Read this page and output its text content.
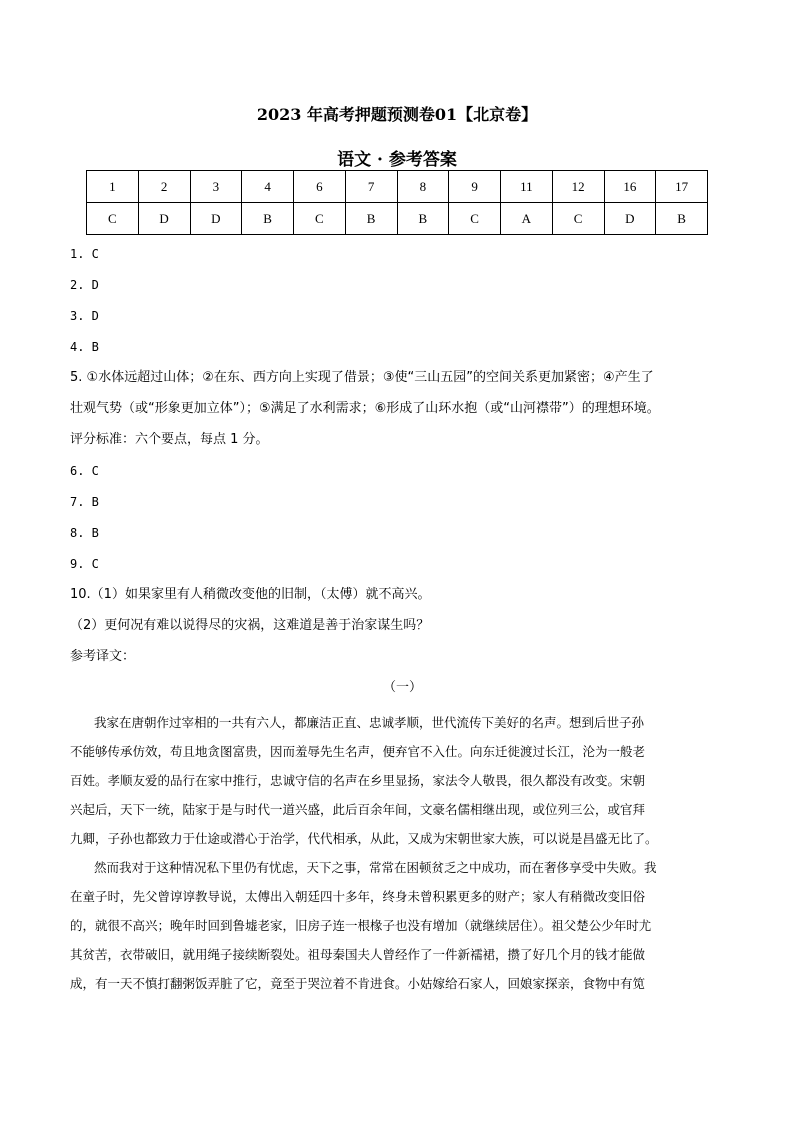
2023 年高考押题预测卷01【北京卷】
语文 · 参考答案
1	2	3	4	6	7	8	9	11	12	16	17
C	D	D	B	C	B	B	C	A	C	D	B
1. C
2. D
3. D
4. B
5. ①水体远超过山体；②在东、西方向上实现了借景；③使“三山五园”的空间关系更加紧密；④产生了
壮观气势（或“形象更加立体”）；⑤满足了水利需求；⑥形成了山环水抱（或“山河襟带”）的理想环境。
评分标准：六个要点，每点 1 分。
6. C
7. B
8. B
9. C
10.（1）如果家里有人稍微改变他的旧制，（太傅）就不高兴。
（2）更何况有难以说得尽的灾祸，这难道是善于治家谋生吗？
参考译文：
（一）
我家在唐朝作过宰相的一共有六人，都廉洁正直、忠诚孝顺，世代流传下美好的名声。想到后世子孙
不能够传承仿效，苟且地贪图富贵，因而羞辱先生名声，便弃官不入仕。向东迁徙渡过长江，沦为一般老
百姓。孝顺友爱的品行在家中推行，忠诚守信的名声在乡里显扬，家法令人敬畏，很久都没有改变。宋朝
兴起后，天下一统，陆家于是与时代一道兴盛，此后百余年间，文豪名儒相继出现，或位列三公，或官拜
九卿，子孙也都致力于仕途或潜心于治学，代代相承，从此，又成为宋朝世家大族，可以说是昌盛无比了。
然而我对于这种情况私下里仍有忧虑，天下之事，常常在困顿贫乏之中成功，而在奢侈享受中失败。我
在童子时，先父曾谆谆教导说，太傅出入朝廷四十多年，终身未曾积累更多的财产；家人有稍微改变旧俗
的，就很不高兴；晚年时回到鲁墟老家，旧房子连一根椽子也没有增加（就继续居住）。祖父楚公少年时尤
其贫苦，衣带破旧，就用绳子接续断裂处。祖母秦国夫人曾经作了一件新襦裙，攒了好几个月的钱才能做
成，有一天不慎打翻粥饭弄脏了它，竟至于哭泣着不肯进食。小姑嫁给石家人，回娘家探亲，食物中有笕
